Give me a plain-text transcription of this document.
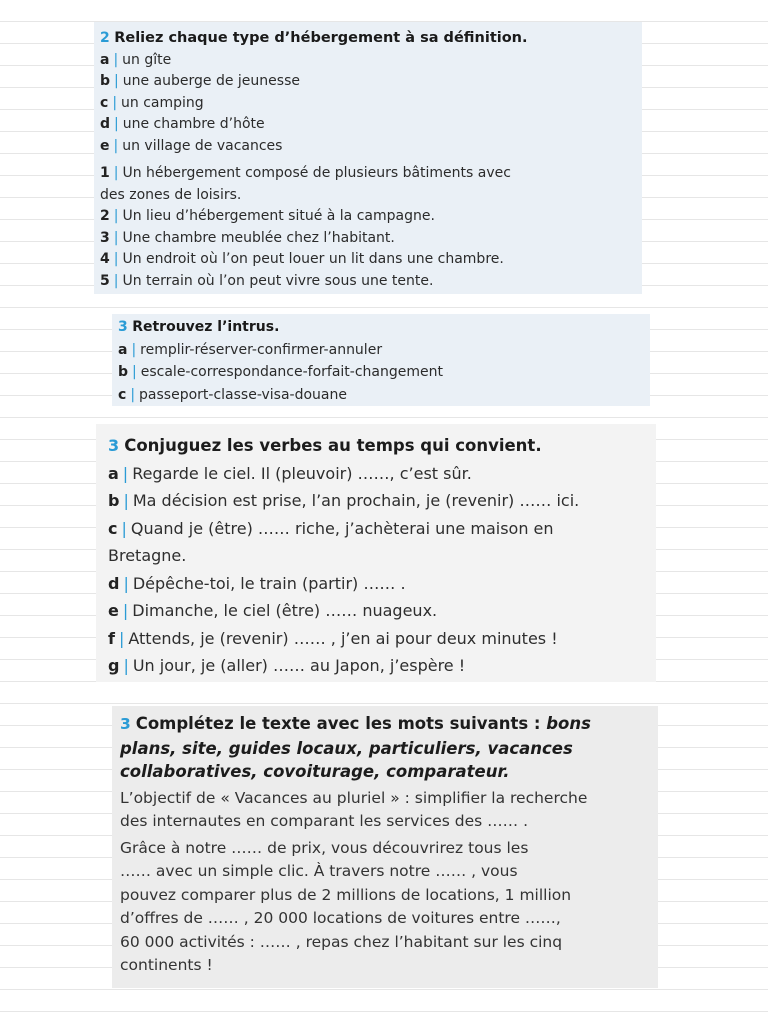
2 Reliez chaque type d’hébergement à sa définition.

a | un gîte

b | une auberge de jeunesse

c | un camping

d | une chambre d’hôte

e | un village de vacances

1 | Un hébergement composé de plusieurs bâtiments avec

des zones de loisirs.

2 | Un lieu d’hébergement situé à la campagne.

3 | Une chambre meublée chez l’habitant.

4 | Un endroit où l’on peut louer un lit dans une chambre.

5 | Un terrain où l’on peut vivre sous une tente.

3 Retrouvez l’intrus.

a | remplir-réserver-confirmer-annuler

b | escale-correspondance-forfait-changement

c | passeport-classe-visa-douane

3 Conjuguez les verbes au temps qui convient.

a | Regarde le ciel. Il (pleuvoir) ……, c’est sûr.

b | Ma décision est prise, l’an prochain, je (revenir) …… ici.

c | Quand je (être) …… riche, j’achèterai une maison en

Bretagne.

d | Dépêche-toi, le train (partir) …… .

e | Dimanche, le ciel (être) …… nuageux.

f | Attends, je (revenir) …… , j’en ai pour deux minutes !

g | Un jour, je (aller) …… au Japon, j’espère !

3 Complétez le texte avec les mots suivants : bons

plans, site, guides locaux, particuliers, vacances

collaboratives, covoiturage, comparateur.

L’objectif de « Vacances au pluriel » : simplifier la recherche

des internautes en comparant les services des …… .

Grâce à notre …… de prix, vous découvrirez tous les

…… avec un simple clic. À travers notre …… , vous

pouvez comparer plus de 2 millions de locations, 1 million

d’offres de …… , 20 000 locations de voitures entre ……,

60 000 activités : …… , repas chez l’habitant sur les cinq

continents !
